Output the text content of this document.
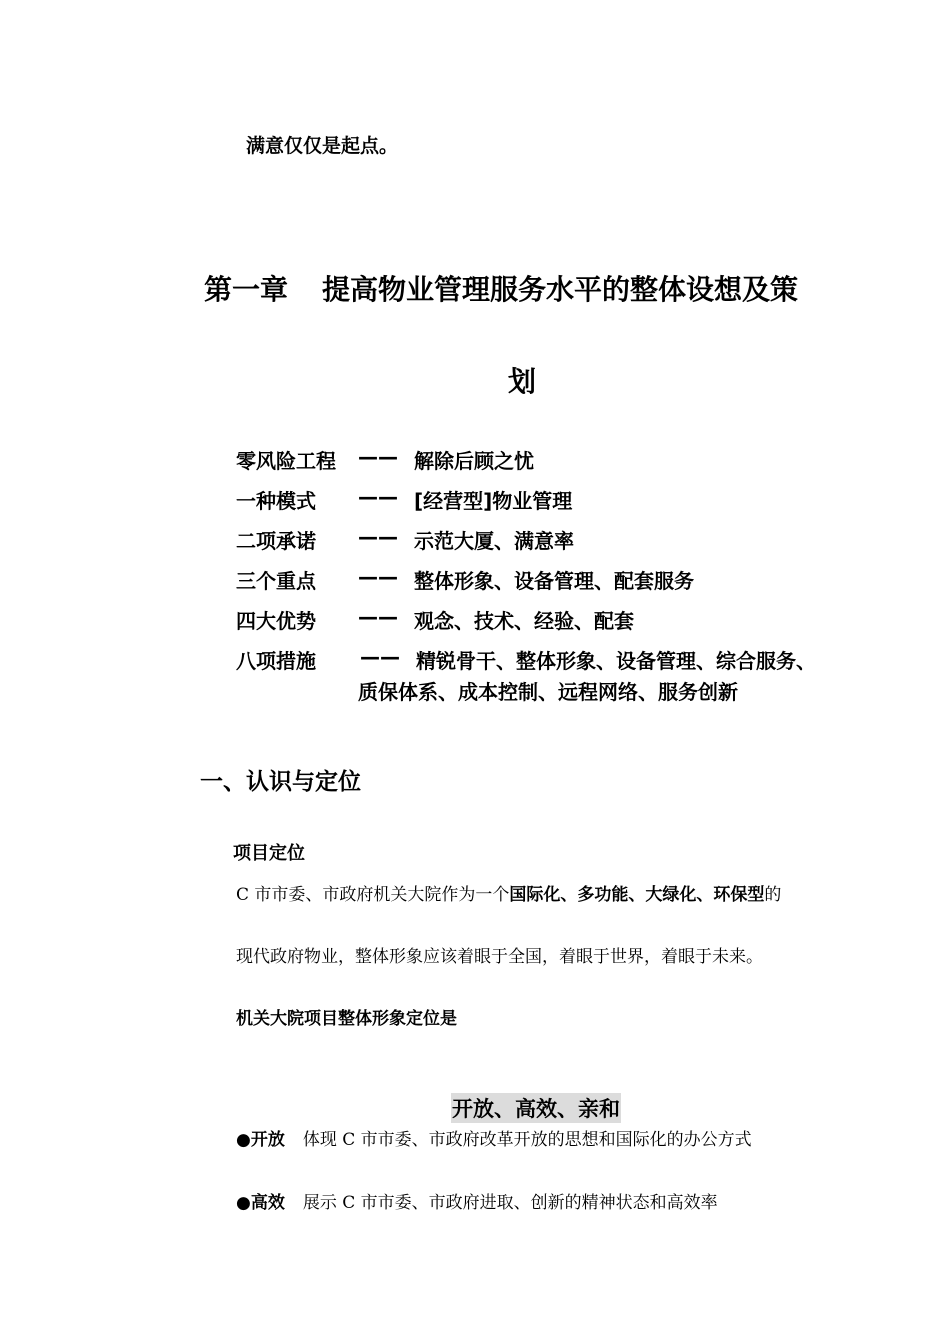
满意仅仅是起点。
第一章 提高物业管理服务水平的整体设想及策
划
零风险工程 —— 解除后顾之忧
一种模式 —— [经营型]物业管理
二项承诺 —— 示范大厦、满意率
三个重点 —— 整体形象、设备管理、配套服务
四大优势 —— 观念、技术、经验、配套
八项措施 —— 精锐骨干、整体形象、设备管理、综合服务、
质保体系、成本控制、远程网络、服务创新
一、认识与定位
项目定位
C 市市委、市政府机关大院作为一个国际化、多功能、大绿化、环保型的
现代政府物业，整体形象应该着眼于全国，着眼于世界，着眼于未来。
机关大院项目整体形象定位是
开放、高效、亲和
●开放 体现 C 市市委、市政府改革开放的思想和国际化的办公方式
●高效 展示 C 市市委、市政府进取、创新的精神状态和高效率
